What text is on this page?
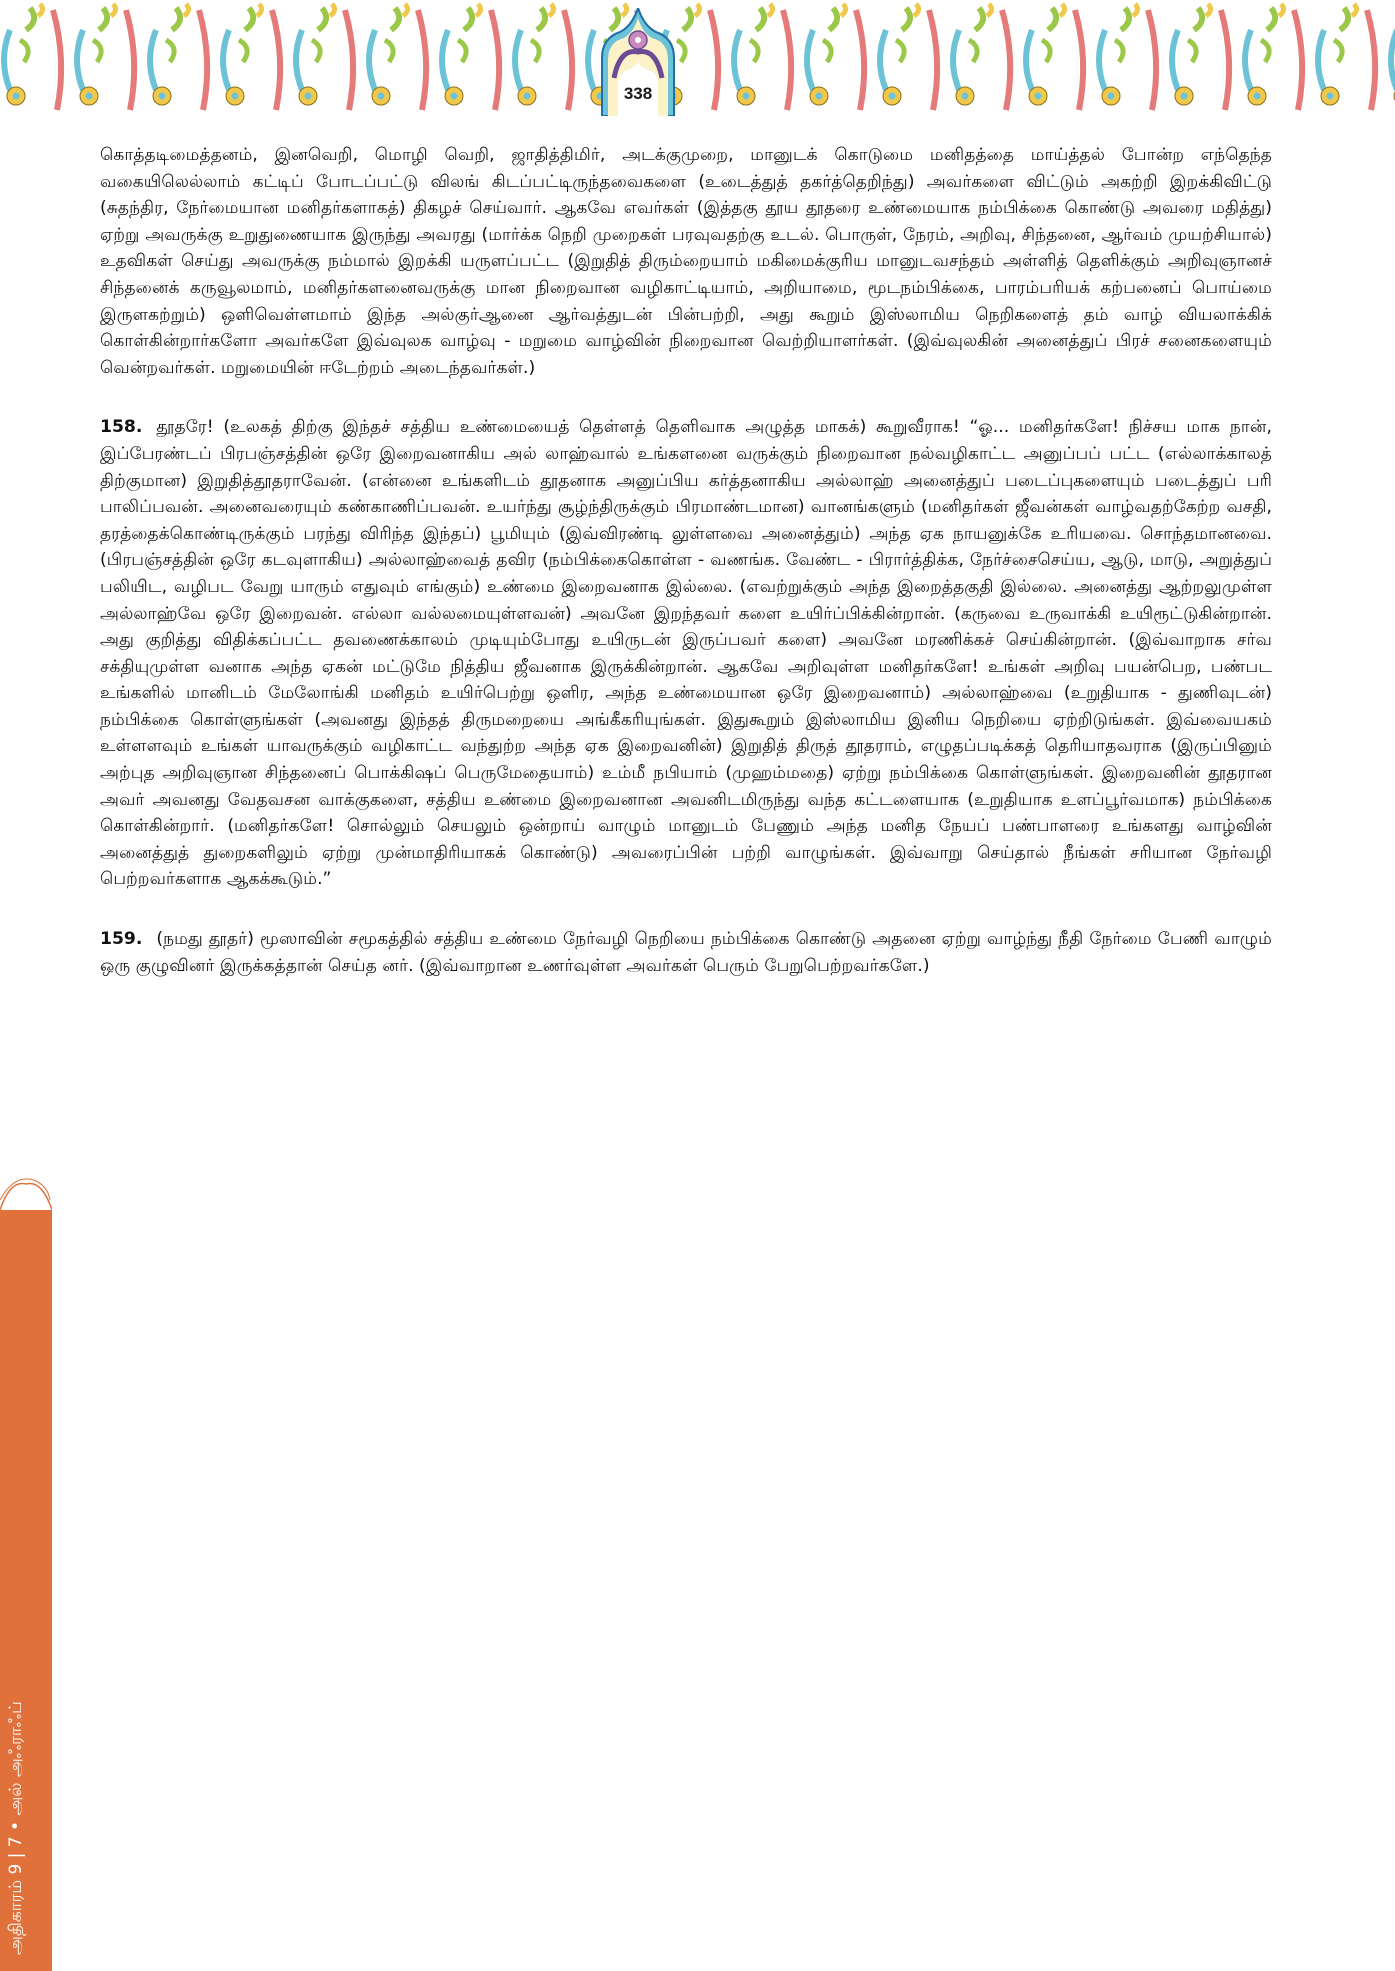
338

கொத்தடிமைத்தனம், இனவெறி, மொழி வெறி, ஜாதித்திமிர், அடக்குமுறை, மானுடக் கொடுமை மனிதத்தை மாய்த்தல் போன்ற எந்தெந்த வகையிலெல்லாம் கட்டிப் போடப்பட்டு விலங் கிடப்பட்டிருந்தவைகளை (உடைத்துத் தகர்த்தெறிந்து) அவர்களை விட்டும் அகற்றி இறக்கிவிட்டு (சுதந்திர, நேர்மையான மனிதர்களாகத்) திகழச் செய்வார். ஆகவே எவர்கள் (இத்தகு தூய தூதரை உண்மையாக நம்பிக்கை கொண்டு அவரை மதித்து) ஏற்று அவருக்கு உறுதுணையாக இருந்து அவரது (மார்க்க நெறி முறைகள் பரவுவதற்கு உடல். பொருள், நேரம், அறிவு, சிந்தனை, ஆர்வம் முயற்சியால்) உதவிகள் செய்து அவருக்கு நம்மால் இறக்கி யருளப்பட்ட (இறுதித் திரும்றையாம் மகிமைக்குரிய மானுடவசந்தம் அள்ளித் தெளிக்கும் அறிவுஞானச் சிந்தனைக் கருவூலமாம், மனிதர்களனைவருக்கு மான நிறைவான வழிகாட்டியாம், அறியாமை, மூடநம்பிக்கை, பாரம்பரியக் கற்பனைப் பொய்மை இருளகற்றும்) ஒளிவெள்ளமாம் இந்த அல்குர்ஆனை ஆர்வத்துடன் பின்பற்றி, அது கூறும் இஸ்லாமிய நெறிகளைத் தம் வாழ் வியலாக்கிக் கொள்கின்றார்களோ அவர்களே இவ்வுலக வாழ்வு - மறுமை வாழ்வின் நிறைவான வெற்றியாளர்கள். (இவ்வுலகின் அனைத்துப் பிரச் சனைகளையும் வென்றவர்கள். மறுமையின் ஈடேற்றம் அடைந்தவர்கள்.)

158. தூதரே! (உலகத் திற்கு இந்தச் சத்திய உண்மையைத் தெள்ளத் தெளிவாக அழுத்த மாகக்) கூறுவீராக! “ஓ... மனிதர்களே! நிச்சய மாக நான், இப்பேரண்டப் பிரபஞ்சத்தின் ஒரே இறைவனாகிய அல் லாஹ்வால் உங்களனை வருக்கும் நிறைவான நல்வழிகாட்ட அனுப்பப் பட்ட (எல்லாக்காலத் திற்குமான) இறுதித்தூதராவேன். (என்னை உங்களிடம் தூதனாக அனுப்பிய கர்த்தனாகிய அல்லாஹ் அனைத்துப் படைப்புகளையும் படைத்துப் பரி பாலிப்பவன். அனைவரையும் கண்காணிப்பவன். உயர்ந்து சூழ்ந்திருக்கும் பிரமாண்டமான) வானங்களும் (மனிதர்கள் ஜீவன்கள் வாழ்வதற்கேற்ற வசதி, தரத்தைக்கொண்டிருக்கும் பரந்து விரிந்த இந்தப்) பூமியும் (இவ்விரண்டி லுள்ளவை அனைத்தும்) அந்த ஏக நாயனுக்கே உரியவை. சொந்தமானவை. (பிரபஞ்சத்தின் ஒரே கடவுளாகிய) அல்லாஹ்வைத் தவிர (நம்பிக்கைகொள்ள - வணங்க. வேண்ட - பிரார்த்திக்க, நேர்ச்சைசெய்ய, ஆடு, மாடு, அறுத்துப் பலியிட, வழிபட வேறு யாரும் எதுவும் எங்கும்) உண்மை இறைவனாக இல்லை. (எவற்றுக்கும் அந்த இறைத்தகுதி இல்லை. அனைத்து ஆற்றலுமுள்ள அல்லாஹ்வே ஒரே இறைவன். எல்லா வல்லமையுள்ளவன்) அவனே இறந்தவர் களை உயிர்ப்பிக்கின்றான். (கருவை உருவாக்கி உயிரூட்டுகின்றான். அது குறித்து விதிக்கப்பட்ட தவணைக்காலம் முடியும்போது உயிருடன் இருப்பவர் களை) அவனே மரணிக்கச் செய்கின்றான். (இவ்வாறாக சர்வ சக்தியுமுள்ள வனாக அந்த ஏகன் மட்டுமே நித்திய ஜீவனாக இருக்கின்றான். ஆகவே அறிவுள்ள மனிதர்களே! உங்கள் அறிவு பயன்பெற, பண்பட உங்களில் மானிடம் மேலோங்கி மனிதம் உயிர்பெற்று ஒளிர, அந்த உண்மையான ஒரே இறைவனாம்) அல்லாஹ்வை (உறுதியாக - துணிவுடன்) நம்பிக்கை கொள்ளுங்கள் (அவனது இந்தத் திருமறையை அங்கீகரியுங்கள். இதுகூறும் இஸ்லாமிய இனிய நெறியை ஏற்றிடுங்கள். இவ்வையகம் உள்ளளவும் உங்கள் யாவருக்கும் வழிகாட்ட வந்துற்ற அந்த ஏக இறைவனின்) இறுதித் திருத் தூதராம், எழுதப்படிக்கத் தெரியாதவராக (இருப்பினும் அற்புத அறிவுஞான சிந்தனைப் பொக்கிஷப் பெருமேதையாம்) உம்மீ நபியாம் (முஹம்மதை) ஏற்று நம்பிக்கை கொள்ளுங்கள். இறைவனின் தூதரான அவர் அவனது வேதவசன வாக்குகளை, சத்திய உண்மை இறைவனான அவனிடமிருந்து வந்த கட்டளையாக (உறுதியாக உளப்பூர்வமாக) நம்பிக்கை கொள்கின்றார். (மனிதர்களே! சொல்லும் செயலும் ஒன்றாய் வாழும் மானுடம் பேணும் அந்த மனித நேயப் பண்பாளரை உங்களது வாழ்வின் அனைத்துத் துறைகளிலும் ஏற்று முன்மாதிரியாகக் கொண்டு) அவரைப்பின் பற்றி வாழுங்கள். இவ்வாறு செய்தால் நீங்கள் சரியான நேர்வழி பெற்றவர்களாக ஆகக்கூடும்.”

159. (நமது தூதர்) மூஸாவின் சமூகத்தில் சத்திய உண்மை நேர்வழி நெறியை நம்பிக்கை கொண்டு அதனை ஏற்று வாழ்ந்து நீதி நேர்மை பேணி வாழும் ஒரு குழுவினர் இருக்கத்தான் செய்த னர். (இவ்வாறான உணர்வுள்ள அவர்கள் பெரும் பேறுபெற்றவர்களே.)

அதிகாரம் 9 | 7 • அல் அஃராஃப்
